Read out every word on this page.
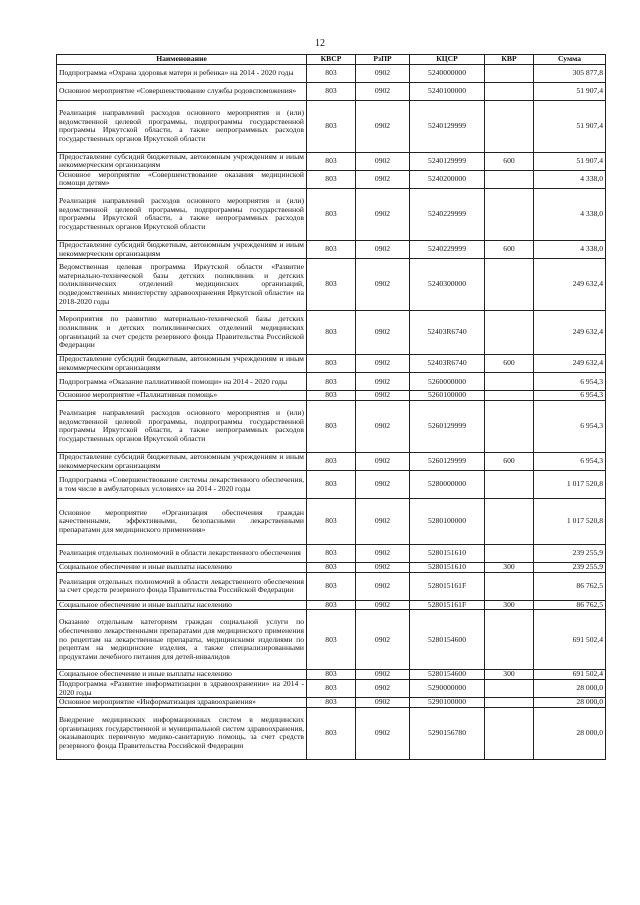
12
Наименование	КВСР	РзПР	КЦСР	КВР	Сумма
Подпрограмма «Охрана здоровья матери и ребенка» на 2014 - 2020 годы	803	0902	5240000000		305 877,8
Основное мероприятие «Совершенствование службы родовспоможения»	803	0902	5240100000		51 907,4
Реализация направлений расходов основного мероприятия и (или) ведомственной целевой программы, подпрограммы государственной программы Иркутской области, а также непрограммных расходов государственных органов Иркутской области	803	0902	5240129999		51 907,4
Предоставление субсидий бюджетным, автономным учреждениям и иным некоммерческим организациям	803	0902	5240129999	600	51 907,4
Основное мероприятие «Совершенствование оказания медицинской помощи детям»	803	0902	5240200000		4 338,0
Реализация направлений расходов основного мероприятия и (или) ведомственной целевой программы, подпрограммы государственной программы Иркутской области, а также непрограммных расходов государственных органов Иркутской области	803	0902	5240229999		4 338,0
Предоставление субсидий бюджетным, автономным учреждениям и иным некоммерческим организациям	803	0902	5240229999	600	4 338,0
Ведомственная целевая программа Иркутской области «Развитие материально-технической базы детских поликлиник и детских поликлинических отделений медицинских организаций, подведомственных министерству здравоохранения Иркутской области» на 2018-2020 годы	803	0902	5240300000		249 632,4
Мероприятия по развитию материально-технической базы детских поликлиник и детских поликлинических отделений медицинских организаций за счет средств резервного фонда Правительства Российской Федерации	803	0902	52403R6740		249 632,4
Предоставление субсидий бюджетным, автономным учреждениям и иным некоммерческим организациям	803	0902	52403R6740	600	249 632,4
Подпрограмма «Оказание паллиативной помощи» на 2014 - 2020 годы	803	0902	5260000000		6 954,3
Основное мероприятие «Паллиативная помощь»	803	0902	5260100000		6 954,3
Реализация направлений расходов основного мероприятия и (или) ведомственной целевой программы, подпрограммы государственной программы Иркутской области, а также непрограммных расходов государственных органов Иркутской области	803	0902	5260129999		6 954,3
Предоставление субсидий бюджетным, автономным учреждениям и иным некоммерческим организациям	803	0902	5260129999	600	6 954,3
Подпрограмма «Совершенствование системы лекарственного обеспечения, в том числе в амбулаторных условиях» на 2014 - 2020 годы	803	0902	5280000000		1 017 520,8
Основное мероприятие «Организация обеспечения граждан качественными, эффективными, безопасными лекарственными препаратами для медицинского применения»	803	0902	5280100000		1 017 520,8
Реализация отдельных полномочий в области лекарственного обеспечения	803	0902	5280151610		239 255,9
Социальное обеспечение и иные выплаты населению	803	0902	5280151610	300	239 255,9
Реализация отдельных полномочий в области лекарственного обеспечения за счет средств резервного фонда Правительства Российской Федерации	803	0902	528015161F		86 762,5
Социальное обеспечение и иные выплаты населению	803	0902	528015161F	300	86 762,5
Оказание отдельным категориям граждан социальной услуги по обеспечению лекарственными препаратами для медицинского применения по рецептам на лекарственные препараты, медицинскими изделиями по рецептам на медицинские изделия, а также специализированными продуктами лечебного питания для детей-инвалидов	803	0902	5280154600		691 502,4
Социальное обеспечение и иные выплаты населению	803	0902	5280154600	300	691 502,4
Подпрограмма «Развитие информатизации в здравоохранении» на 2014 - 2020 годы	803	0902	5290000000		28 000,0
Основное мероприятие «Информатизация здравоохранения»	803	0902	5290100000		28 000,0
Внедрение медицинских информационных систем в медицинских организациях государственной и муниципальной систем здравоохранения, оказывающих первичную медико-санитарную помощь, за счет средств резервного фонда Правительства Российской Федерации	803	0902	5290156780		28 000,0
